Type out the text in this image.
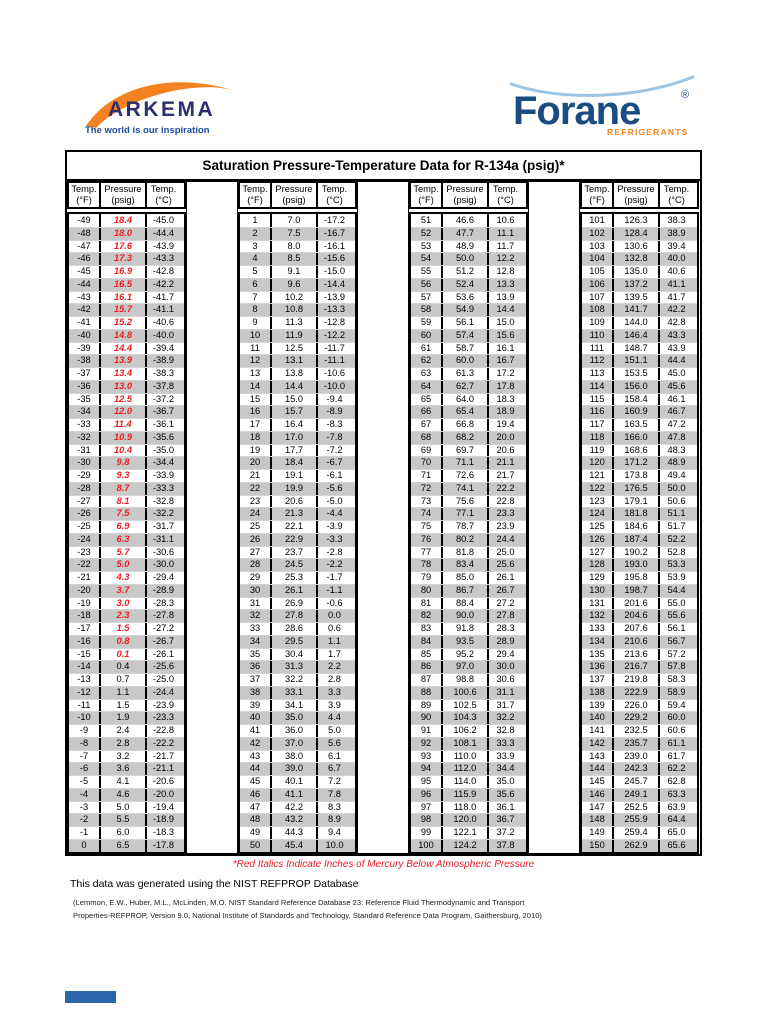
ARKEMA
The world is our inspiration	Forane	®
REFRIGERANTS
Saturation Pressure-Temperature Data for R-134a (psig)*
Temp.
(°F)
Pressure
(psig)
Temp.
(°C)
-49	18.4	-45.0
-48	18.0	-44.4
-47	17.6	-43.9
-46	17.3	-43.3
-45	16.9	-42.8
-44	16.5	-42.2
-43	16.1	-41.7
-42	15.7	-41.1
-41	15.2	-40.6
-40	14.8	-40.0
-39	14.4	-39.4
-38	13.9	-38.9
-37	13.4	-38.3
-36	13.0	-37.8
-35	12.5	-37.2
-34	12.0	-36.7
-33	11.4	-36.1
-32	10.9	-35.6
-31	10.4	-35.0
-30	9.8	-34.4
-29	9.3	-33.9
-28	8.7	-33.3
-27	8.1	-32.8
-26	7.5	-32.2
-25	6.9	-31.7
-24	6.3	-31.1
-23	5.7	-30.6
-22	5.0	-30.0
-21	4.3	-29.4
-20	3.7	-28.9
-19	3.0	-28.3
-18	2.3	-27.8
-17	1.5	-27.2
-16	0.8	-26.7
-15	0.1	-26.1
-14	0.4	-25.6
-13	0.7	-25.0
-12	1.1	-24.4
-11	1.5	-23.9
-10	1.9	-23.3
-9	2.4	-22.8
-8	2.8	-22.2
-7	3.2	-21.7
-6	3.6	-21.1
-5	4.1	-20.6
-4	4.6	-20.0
-3	5.0	-19.4
-2	5.5	-18.9
-1	6.0	-18.3
0	6.5	-17.8
Temp.
(°F)
Pressure
(psig)
Temp.
(°C)
1	7.0	-17.2
2	7.5	-16.7
3	8.0	-16.1
4	8.5	-15.6
5	9.1	-15.0
6	9.6	-14.4
7	10.2	-13.9
8	10.8	-13.3
9	11.3	-12.8
10	11.9	-12.2
11	12.5	-11.7
12	13.1	-11.1
13	13.8	-10.6
14	14.4	-10.0
15	15.0	-9.4
16	15.7	-8.9
17	16.4	-8.3
18	17.0	-7.8
19	17.7	-7.2
20	18.4	-6.7
21	19.1	-6.1
22	19.9	-5.6
23	20.6	-5.0
24	21.3	-4.4
25	22.1	-3.9
26	22.9	-3.3
27	23.7	-2.8
28	24.5	-2.2
29	25.3	-1.7
30	26.1	-1.1
31	26.9	-0.6
32	27.8	0.0
33	28.6	0.6
34	29.5	1.1
35	30.4	1.7
36	31.3	2.2
37	32.2	2.8
38	33.1	3.3
39	34.1	3.9
40	35.0	4.4
41	36.0	5.0
42	37.0	5.6
43	38.0	6.1
44	39.0	6.7
45	40.1	7.2
46	41.1	7.8
47	42.2	8.3
48	43.2	8.9
49	44.3	9.4
50	45.4	10.0
Temp.
(°F)
Pressure
(psig)
Temp.
(°C)
51	46.6	10.6
52	47.7	11.1
53	48.9	11.7
54	50.0	12.2
55	51.2	12.8
56	52.4	13.3
57	53.6	13.9
58	54.9	14.4
59	56.1	15.0
60	57.4	15.6
61	58.7	16.1
62	60.0	16.7
63	61.3	17.2
64	62.7	17.8
65	64.0	18.3
66	65.4	18.9
67	66.8	19.4
68	68.2	20.0
69	69.7	20.6
70	71.1	21.1
71	72.6	21.7
72	74.1	22.2
73	75.6	22.8
74	77.1	23.3
75	78.7	23.9
76	80.2	24.4
77	81.8	25.0
78	83.4	25.6
79	85.0	26.1
80	86.7	26.7
81	88.4	27.2
82	90.0	27.8
83	91.8	28.3
84	93.5	28.9
85	95.2	29.4
86	97.0	30.0
87	98.8	30.6
88	100.6	31.1
89	102.5	31.7
90	104.3	32.2
91	106.2	32.8
92	108.1	33.3
93	110.0	33.9
94	112.0	34.4
95	114.0	35.0
96	115.9	35.6
97	118.0	36.1
98	120.0	36.7
99	122.1	37.2
100	124.2	37.8
Temp.
(°F)
Pressure
(psig)
Temp.
(°C)
101	126.3	38.3
102	128.4	38.9
103	130.6	39.4
104	132.8	40.0
105	135.0	40.6
106	137.2	41.1
107	139.5	41.7
108	141.7	42.2
109	144.0	42.8
110	146.4	43.3
111	148.7	43.9
112	151.1	44.4
113	153.5	45.0
114	156.0	45.6
115	158.4	46.1
116	160.9	46.7
117	163.5	47.2
118	166.0	47.8
119	168.6	48.3
120	171.2	48.9
121	173.8	49.4
122	176.5	50.0
123	179.1	50.6
124	181.8	51.1
125	184.6	51.7
126	187.4	52.2
127	190.2	52.8
128	193.0	53.3
129	195.8	53.9
130	198.7	54.4
131	201.6	55.0
132	204.6	55.6
133	207.6	56.1
134	210.6	56.7
135	213.6	57.2
136	216.7	57.8
137	219.8	58.3
138	222.9	58.9
139	226.0	59.4
140	229.2	60.0
141	232.5	60.6
142	235.7	61.1
143	239.0	61.7
144	242.3	62.2
145	245.7	62.8
146	249.1	63.3
147	252.5	63.9
148	255.9	64.4
149	259.4	65.0
150	262.9	65.6
*Red Italics Indicate Inches of Mercury Below Atmospheric Pressure
This data was generated using the NIST REFPROP Database
(Lemmon, E.W., Huber, M.L., McLinden, M.O. NIST Standard Reference Database 23: Reference Fluid Thermodynamic and Transport
Properties-REFPROP, Version 9.0, National Institute of Standards and Technology, Standard Reference Data Program, Gaithersburg, 2010)
